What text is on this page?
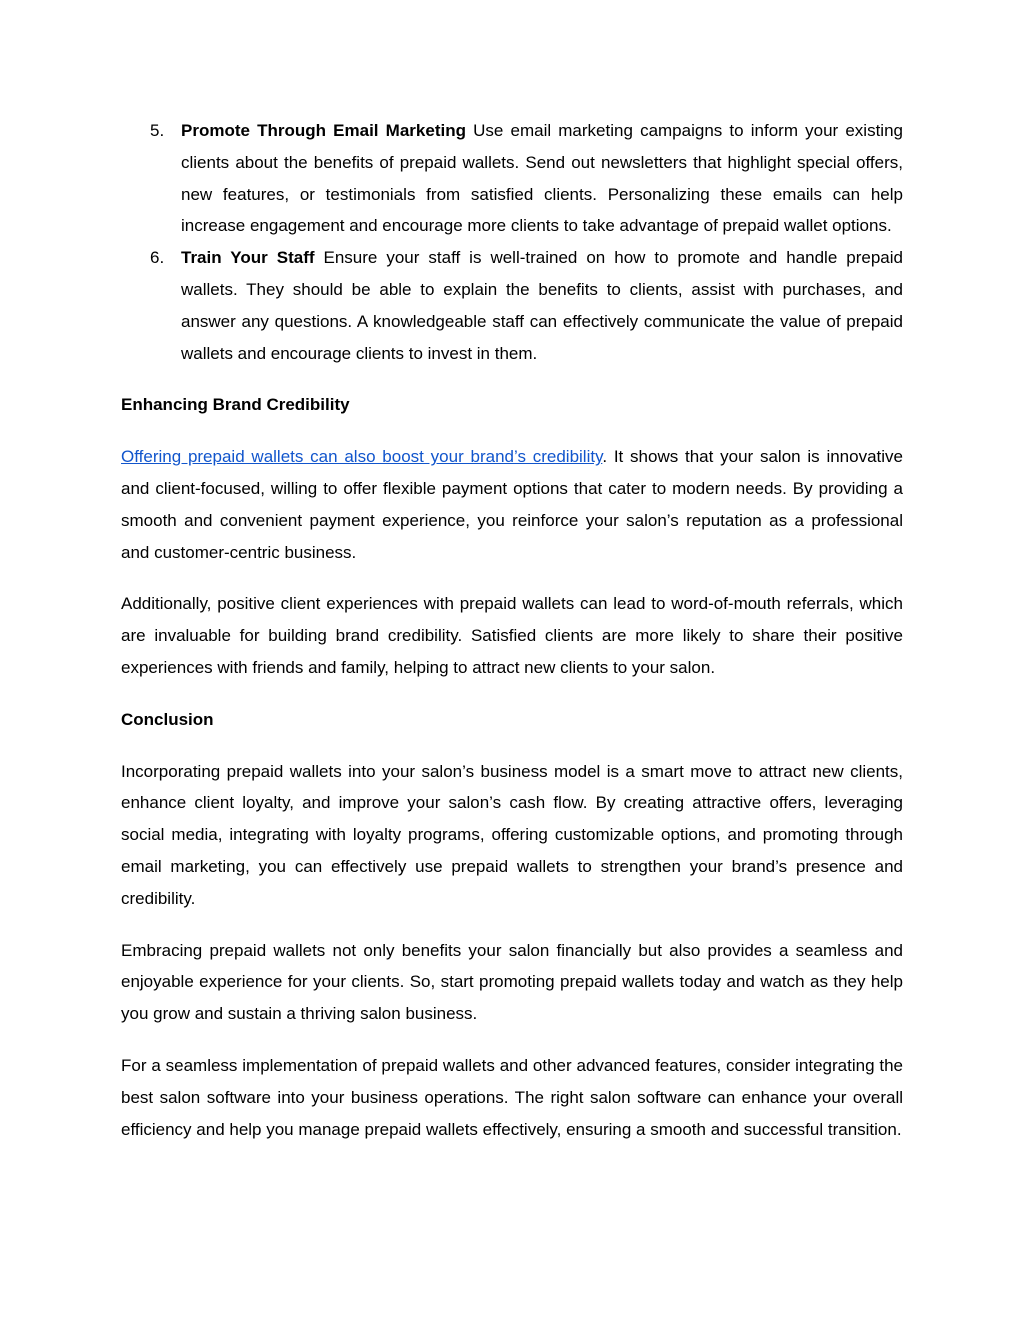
5. Promote Through Email Marketing Use email marketing campaigns to inform your existing clients about the benefits of prepaid wallets. Send out newsletters that highlight special offers, new features, or testimonials from satisfied clients. Personalizing these emails can help increase engagement and encourage more clients to take advantage of prepaid wallet options.
6. Train Your Staff Ensure your staff is well-trained on how to promote and handle prepaid wallets. They should be able to explain the benefits to clients, assist with purchases, and answer any questions. A knowledgeable staff can effectively communicate the value of prepaid wallets and encourage clients to invest in them.
Enhancing Brand Credibility

Offering prepaid wallets can also boost your brand’s credibility. It shows that your salon is innovative and client-focused, willing to offer flexible payment options that cater to modern needs. By providing a smooth and convenient payment experience, you reinforce your salon’s reputation as a professional and customer-centric business.

Additionally, positive client experiences with prepaid wallets can lead to word-of-mouth referrals, which are invaluable for building brand credibility. Satisfied clients are more likely to share their positive experiences with friends and family, helping to attract new clients to your salon.

Conclusion

Incorporating prepaid wallets into your salon’s business model is a smart move to attract new clients, enhance client loyalty, and improve your salon’s cash flow. By creating attractive offers, leveraging social media, integrating with loyalty programs, offering customizable options, and promoting through email marketing, you can effectively use prepaid wallets to strengthen your brand’s presence and credibility.

Embracing prepaid wallets not only benefits your salon financially but also provides a seamless and enjoyable experience for your clients. So, start promoting prepaid wallets today and watch as they help you grow and sustain a thriving salon business.

For a seamless implementation of prepaid wallets and other advanced features, consider integrating the best salon software into your business operations. The right salon software can enhance your overall efficiency and help you manage prepaid wallets effectively, ensuring a smooth and successful transition.
